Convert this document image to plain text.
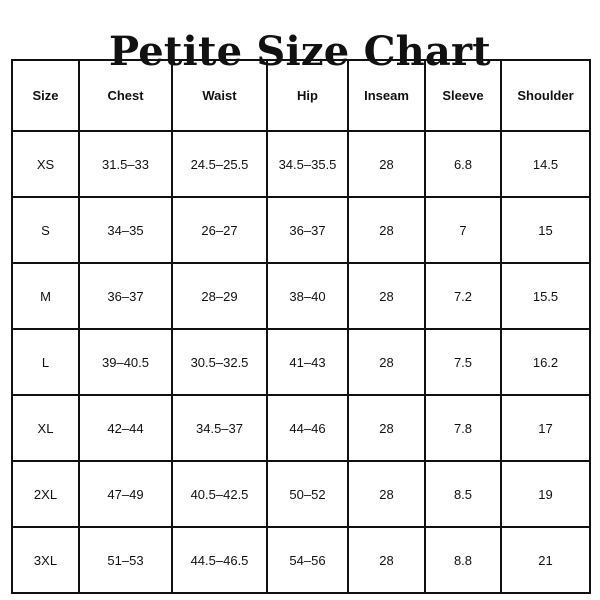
Petite Size Chart
Size	Chest	Waist	Hip	Inseam	Sleeve	Shoulder
XS	31.5–33	24.5–25.5	34.5–35.5	28	6.8	14.5
S	34–35	26–27	36–37	28	7	15
M	36–37	28–29	38–40	28	7.2	15.5
L	39–40.5	30.5–32.5	41–43	28	7.5	16.2
XL	42–44	34.5–37	44–46	28	7.8	17
2XL	47–49	40.5–42.5	50–52	28	8.5	19
3XL	51–53	44.5–46.5	54–56	28	8.8	21
